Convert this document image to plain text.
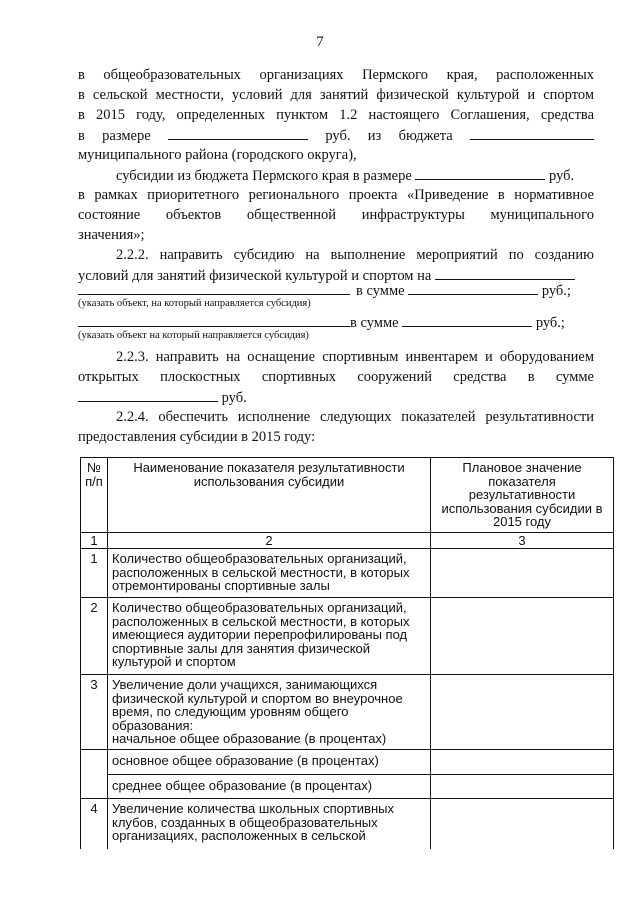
7
в общеобразовательных организациях Пермского края, расположенных
в сельской местности, условий для занятий физической культурой и спортом
в 2015 году, определенных пунктом 1.2 настоящего Соглашения, средства
в размере	руб. из бюджета
муниципального района (городского округа),
субсидии из бюджета Пермского края в размере	руб.
в рамках приоритетного регионального проекта «Приведение в нормативное
состояние объектов общественной инфраструктуры муниципального
значения»;
2.2.2. направить субсидию на выполнение мероприятий по созданию
условий для занятий физической культурой и спортом на
в сумме	руб.;
(указать объект, на который направляется субсидия)
в сумме	руб.;
(указать объект на который направляется субсидия)
2.2.3. направить на оснащение спортивным инвентарем и оборудованием
открытых плоскостных спортивных сооружений средства в сумме
руб.
2.2.4. обеспечить исполнение следующих показателей результативности
предоставления субсидии в 2015 году:
№ п/п	Наименование показателя результативности использования субсидии	Плановое значение показателя результативности использования субсидии в 2015 году
1	2	3
1	Количество общеобразовательных организаций, расположенных в сельской местности, в которых отремонтированы спортивные залы	
2	Количество общеобразовательных организаций, расположенных в сельской местности, в которых имеющиеся аудитории перепрофилированы под спортивные залы для занятия физической культурой и спортом	
3	Увеличение доли учащихся, занимающихся физической культурой и спортом во внеурочное время, по следующим уровням общего образования:
начальное общее образование (в процентах)	

	основное общее образование (в процентах)	
	среднее общее образование (в процентах)	
4	Увеличение количества школьных спортивных клубов, созданных в общеобразовательных организациях, расположенных в сельской	
